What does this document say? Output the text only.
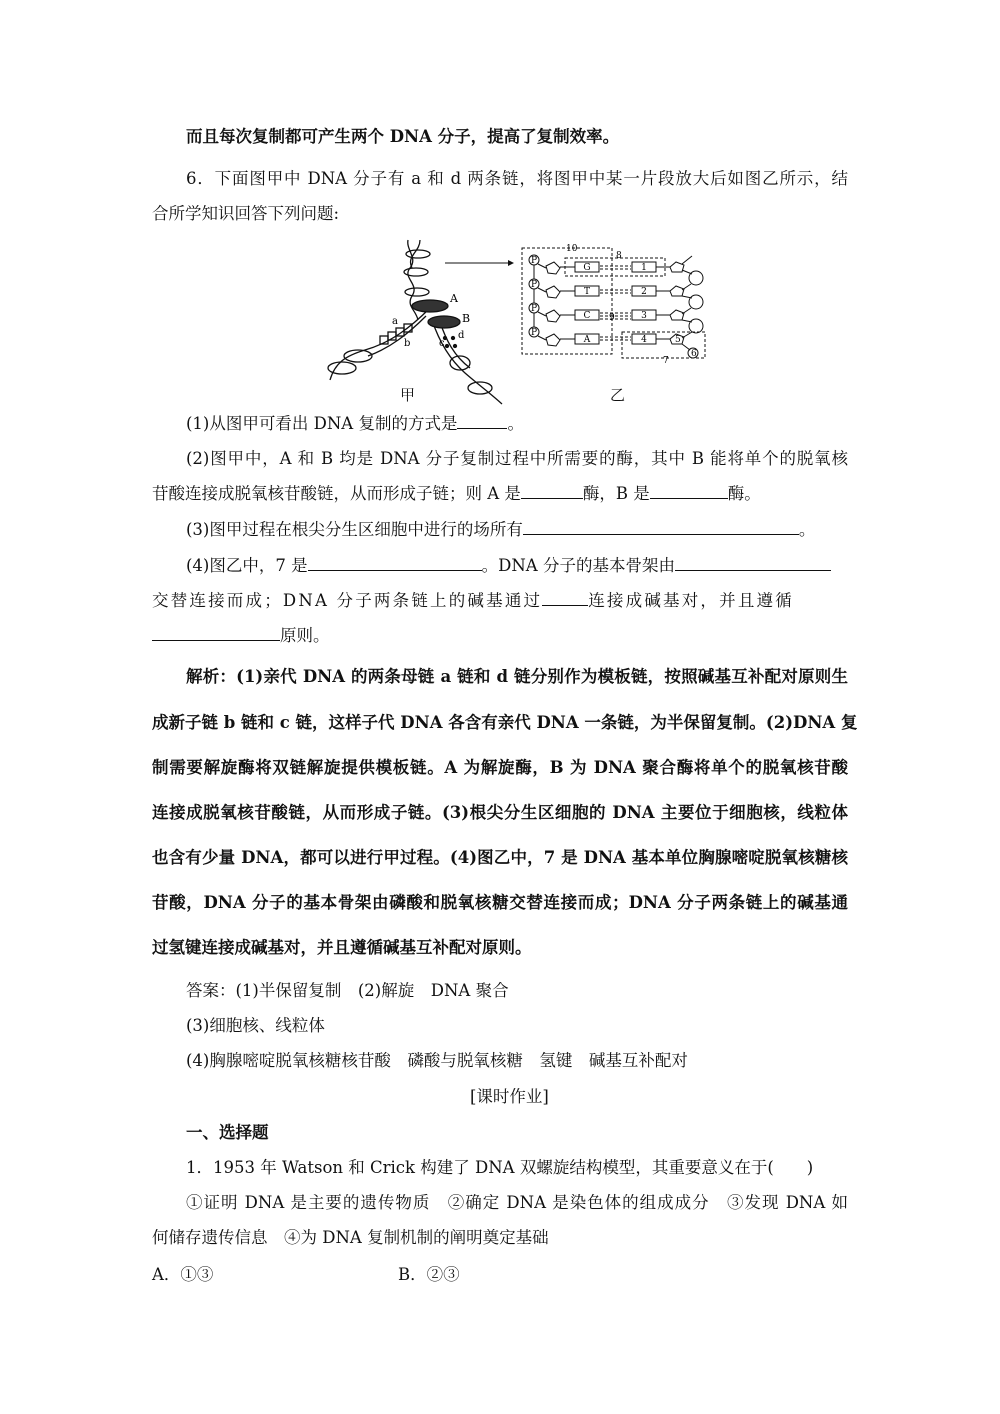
而且每次复制都可产生两个 DNA 分子，提高了复制效率。
6．下面图甲中 DNA 分子有 a 和 d 两条链，将图甲中某一片段放大后如图乙所示，结
合所学知识回答下列问题:
A
B
a
b	c
d
P
P
P
P
G
T
C
A
1
2
3
4
10
8
9
7
5
6
甲	乙
(1)从图甲可看出 DNA 复制的方式是	。
(2)图甲中，A 和 B 均是 DNA 分子复制过程中所需要的酶，其中 B 能将单个的脱氧核
苷酸连接成脱氧核苷酸链，从而形成子链；则 A 是	酶，B 是	酶。
(3)图甲过程在根尖分生区细胞中进行的场所有	。
(4)图乙中，7 是	。DNA 分子的基本骨架由
交替连接而成；DNA 分子两条链上的碱基通过	连接成碱基对，并且遵循
原则。
解析：(1)亲代 DNA 的两条母链 a 链和 d 链分别作为模板链，按照碱基互补配对原则生
成新子链 b 链和 c 链，这样子代 DNA 各含有亲代 DNA 一条链，为半保留复制。(2)DNA 复
制需要解旋酶将双链解旋提供模板链。A 为解旋酶，B 为 DNA 聚合酶将单个的脱氧核苷酸
连接成脱氧核苷酸链，从而形成子链。(3)根尖分生区细胞的 DNA 主要位于细胞核，线粒体
也含有少量 DNA，都可以进行甲过程。(4)图乙中，7 是 DNA 基本单位胸腺嘧啶脱氧核糖核
苷酸，DNA 分子的基本骨架由磷酸和脱氧核糖交替连接而成；DNA 分子两条链上的碱基通
过氢键连接成碱基对，并且遵循碱基互补配对原则。
答案：(1)半保留复制　(2)解旋　DNA 聚合
(3)细胞核、线粒体
(4)胸腺嘧啶脱氧核糖核苷酸　磷酸与脱氧核糖　氢键　碱基互补配对
[课时作业]
一、选择题
1．1953 年 Watson 和 Crick 构建了 DNA 双螺旋结构模型，其重要意义在于(　　)
①证明 DNA 是主要的遗传物质　②确定 DNA 是染色体的组成成分　③发现 DNA 如
何储存遗传信息　④为 DNA 复制机制的阐明奠定基础
A．①③	B．②③
